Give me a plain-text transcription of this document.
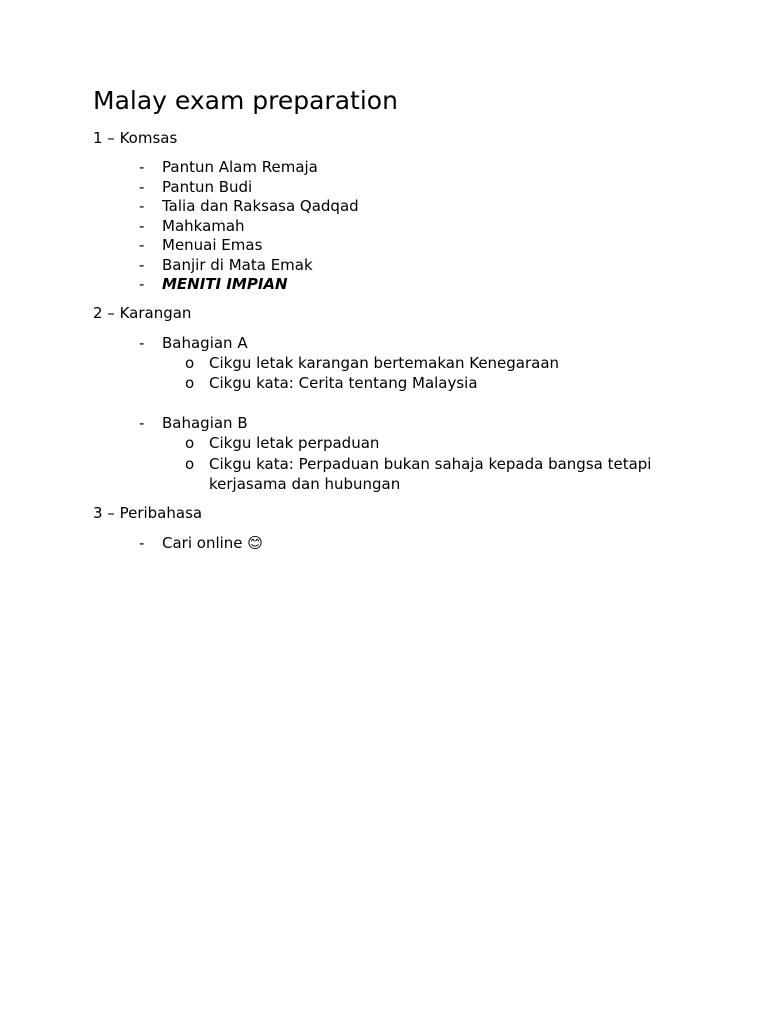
Malay exam preparation
1 – Komsas
- Pantun Alam Remaja
- Pantun Budi
- Talia dan Raksasa Qadqad
- Mahkamah
- Menuai Emas
- Banjir di Mata Emak
- MENITI IMPIAN
2 – Karangan
- Bahagian A
o Cikgu letak karangan bertemakan Kenegaraan
o Cikgu kata: Cerita tentang Malaysia
- Bahagian B
o Cikgu letak perpaduan
o Cikgu kata: Perpaduan bukan sahaja kepada bangsa tetapi
kerjasama dan hubungan
3 – Peribahasa
- Cari online 😊
